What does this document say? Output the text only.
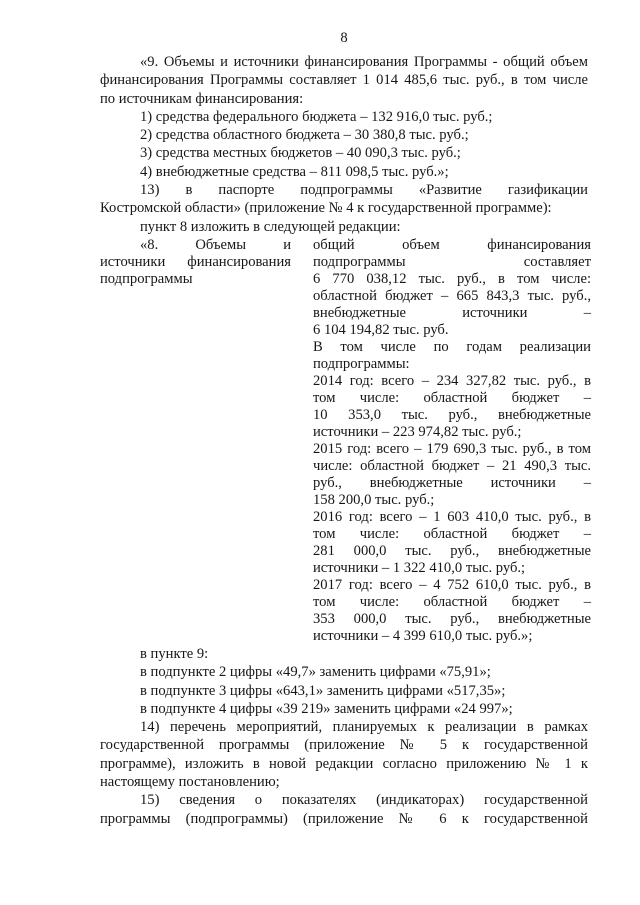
8
«9. Объемы и источники финансирования Программы - общий объем
финансирования Программы составляет 1 014 485,6 тыс. руб., в том числе
по источникам финансирования:
1) средства федерального бюджета – 132 916,0 тыс. руб.;
2) средства областного бюджета – 30 380,8 тыс. руб.;
3) средства местных бюджетов – 40 090,3 тыс. руб.;
4) внебюджетные средства – 811 098,5 тыс. руб.»;
13) в паспорте подпрограммы «Развитие газификации
Костромской области» (приложение № 4 к государственной программе):
пункт 8 изложить в следующей редакции:
«8. Объемы и
источники финансирования
подпрограммы
общий объем финансирования
подпрограммы составляет
6 770 038,12 тыс. руб., в том числе:
областной бюджет – 665 843,3 тыс. руб.,
внебюджетные источники –
6 104 194,82 тыс. руб.
В том числе по годам реализации
подпрограммы:
2014 год: всего – 234 327,82 тыс. руб., в
том числе: областной бюджет –
10 353,0 тыс. руб., внебюджетные
источники – 223 974,82 тыс. руб.;
2015 год: всего – 179 690,3 тыс. руб., в том
числе: областной бюджет – 21 490,3 тыс.
руб., внебюджетные источники –
158 200,0 тыс. руб.;
2016 год: всего – 1 603 410,0 тыс. руб., в
том числе: областной бюджет –
281 000,0 тыс. руб., внебюджетные
источники – 1 322 410,0 тыс. руб.;
2017 год: всего – 4 752 610,0 тыс. руб., в
том числе: областной бюджет –
353 000,0 тыс. руб., внебюджетные
источники – 4 399 610,0 тыс. руб.»;
в пункте 9:
в подпункте 2 цифры «49,7» заменить цифрами «75,91»;
в подпункте 3 цифры «643,1» заменить цифрами «517,35»;
в подпункте 4 цифры «39 219» заменить цифрами «24 997»;
14) перечень мероприятий, планируемых к реализации в рамках
государственной программы (приложение № 5 к государственной
программе), изложить в новой редакции согласно приложению № 1 к
настоящему постановлению;
15) сведения о показателях (индикаторах) государственной
программы (подпрограммы) (приложение № 6 к государственной
